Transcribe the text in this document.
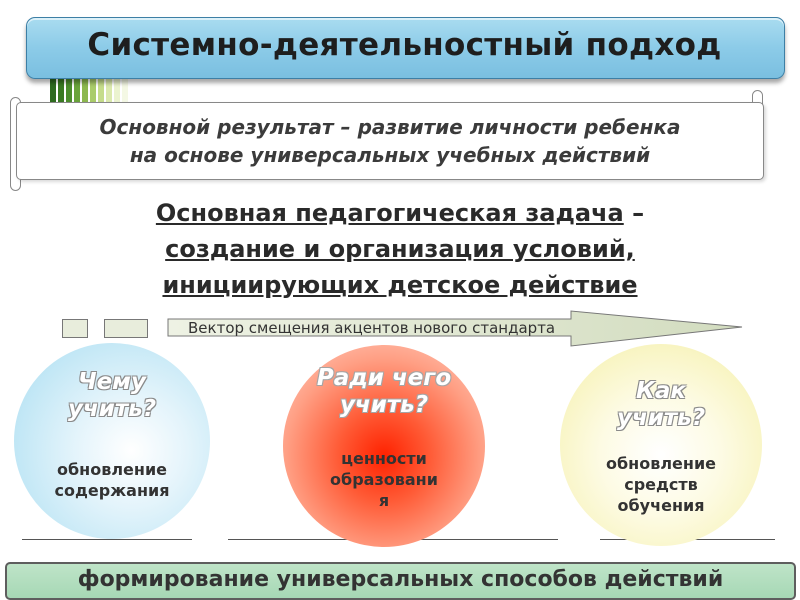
Системно-деятельностный подход
Основной результат – развитие личности ребенка
на основе универсальных учебных действий
Основная педагогическая задача –
создание и организация условий,
инициирующих детское действие
Вектор смещения акцентов нового стандарта
Чему
учить?
обновление
содержания
Ради чего
учить?
ценности
образовани
я
Как
учить?
обновление
средств
обучения
формирование универсальных способов действий
